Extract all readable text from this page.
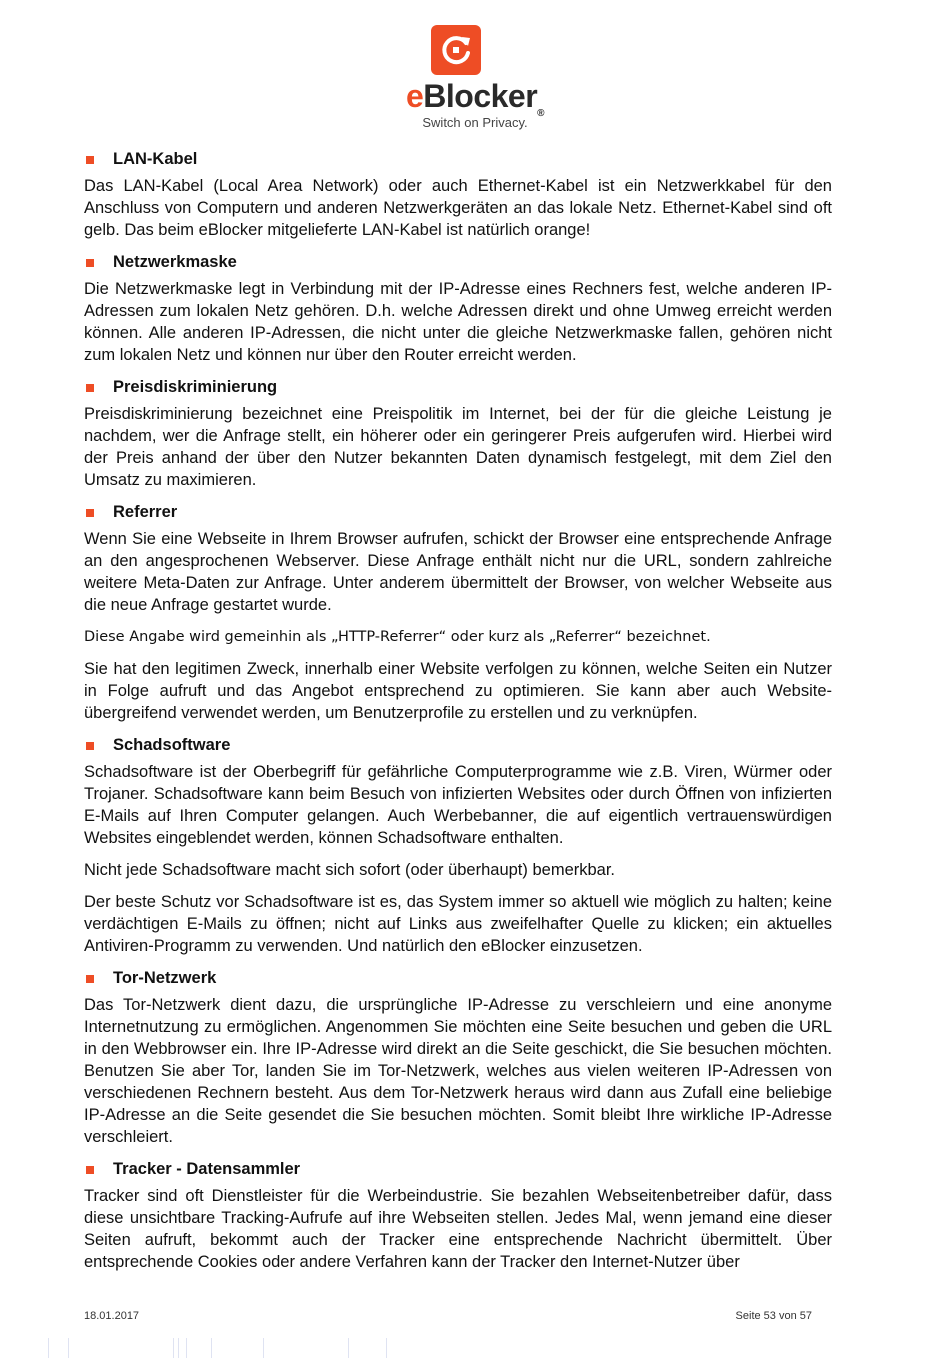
eBlocker®
Switch on Privacy.
LAN-Kabel

Das LAN-Kabel (Local Area Network) oder auch Ethernet-Kabel ist ein Netzwerkkabel für den Anschluss von Computern und anderen Netzwerkgeräten an das lokale Netz. Ethernet-Kabel sind oft gelb. Das beim eBlocker mitgelieferte LAN-Kabel ist natürlich orange!

Netzwerkmaske

Die Netzwerkmaske legt in Verbindung mit der IP-Adresse eines Rechners fest, welche anderen IP-Adressen zum lokalen Netz gehören. D.h. welche Adressen direkt und ohne Umweg erreicht werden können. Alle anderen IP-Adressen, die nicht unter die gleiche Netzwerkmaske fallen, gehören nicht zum lokalen Netz und können nur über den Router erreicht werden.

Preisdiskriminierung

Preisdiskriminierung bezeichnet eine Preispolitik im Internet, bei der für die gleiche Leistung je nachdem, wer die Anfrage stellt, ein höherer oder ein geringerer Preis aufgerufen wird. Hierbei wird der Preis anhand der über den Nutzer bekannten Daten dynamisch festgelegt, mit dem Ziel den Umsatz zu maximieren.

Referrer

Wenn Sie eine Webseite in Ihrem Browser aufrufen, schickt der Browser eine entsprechende Anfrage an den angesprochenen Webserver. Diese Anfrage enthält nicht nur die URL, sondern zahlreiche weitere Meta-Daten zur Anfrage. Unter anderem übermittelt der Browser, von welcher Webseite aus die neue Anfrage gestartet wurde.

Diese Angabe wird gemeinhin als „HTTP-Referrer“ oder kurz als „Referrer“ bezeichnet.

Sie hat den legitimen Zweck, innerhalb einer Website verfolgen zu können, welche Seiten ein Nutzer in Folge aufruft und das Angebot entsprechend zu optimieren. Sie kann aber auch Website-übergreifend verwendet werden, um Benutzerprofile zu erstellen und zu verknüpfen.

Schadsoftware

Schadsoftware ist der Oberbegriff für gefährliche Computerprogramme wie z.B. Viren, Würmer oder Trojaner. Schadsoftware kann beim Besuch von infizierten Websites oder durch Öffnen von infizierten E-Mails auf Ihren Computer gelangen. Auch Werbebanner, die auf eigentlich vertrauenswürdigen Websites eingeblendet werden, können Schadsoftware enthalten.

Nicht jede Schadsoftware macht sich sofort (oder überhaupt) bemerkbar.

Der beste Schutz vor Schadsoftware ist es, das System immer so aktuell wie möglich zu halten; keine verdächtigen E-Mails zu öffnen; nicht auf Links aus zweifelhafter Quelle zu klicken; ein aktuelles Antiviren-Programm zu verwenden. Und natürlich den eBlocker einzusetzen.

Tor-Netzwerk

Das Tor-Netzwerk dient dazu, die ursprüngliche IP-Adresse zu verschleiern und eine anonyme Internetnutzung zu ermöglichen. Angenommen Sie möchten eine Seite besuchen und geben die URL in den Webbrowser ein. Ihre IP-Adresse wird direkt an die Seite geschickt, die Sie besuchen möchten. Benutzen Sie aber Tor, landen Sie im Tor-Netzwerk, welches aus vielen weiteren IP-Adressen von verschiedenen Rechnern besteht. Aus dem Tor-Netzwerk heraus wird dann aus Zufall eine beliebige IP-Adresse an die Seite gesendet die Sie besuchen möchten. Somit bleibt Ihre wirkliche IP-Adresse verschleiert.

Tracker - Datensammler

Tracker sind oft Dienstleister für die Werbeindustrie. Sie bezahlen Webseitenbetreiber dafür, dass diese unsichtbare Tracking-Aufrufe auf ihre Webseiten stellen. Jedes Mal, wenn jemand eine dieser Seiten aufruft, bekommt auch der Tracker eine entsprechende Nachricht übermittelt. Über entsprechende Cookies oder andere Verfahren kann der Tracker den Internet-Nutzer über

18.01.2017	Seite 53 von 57
